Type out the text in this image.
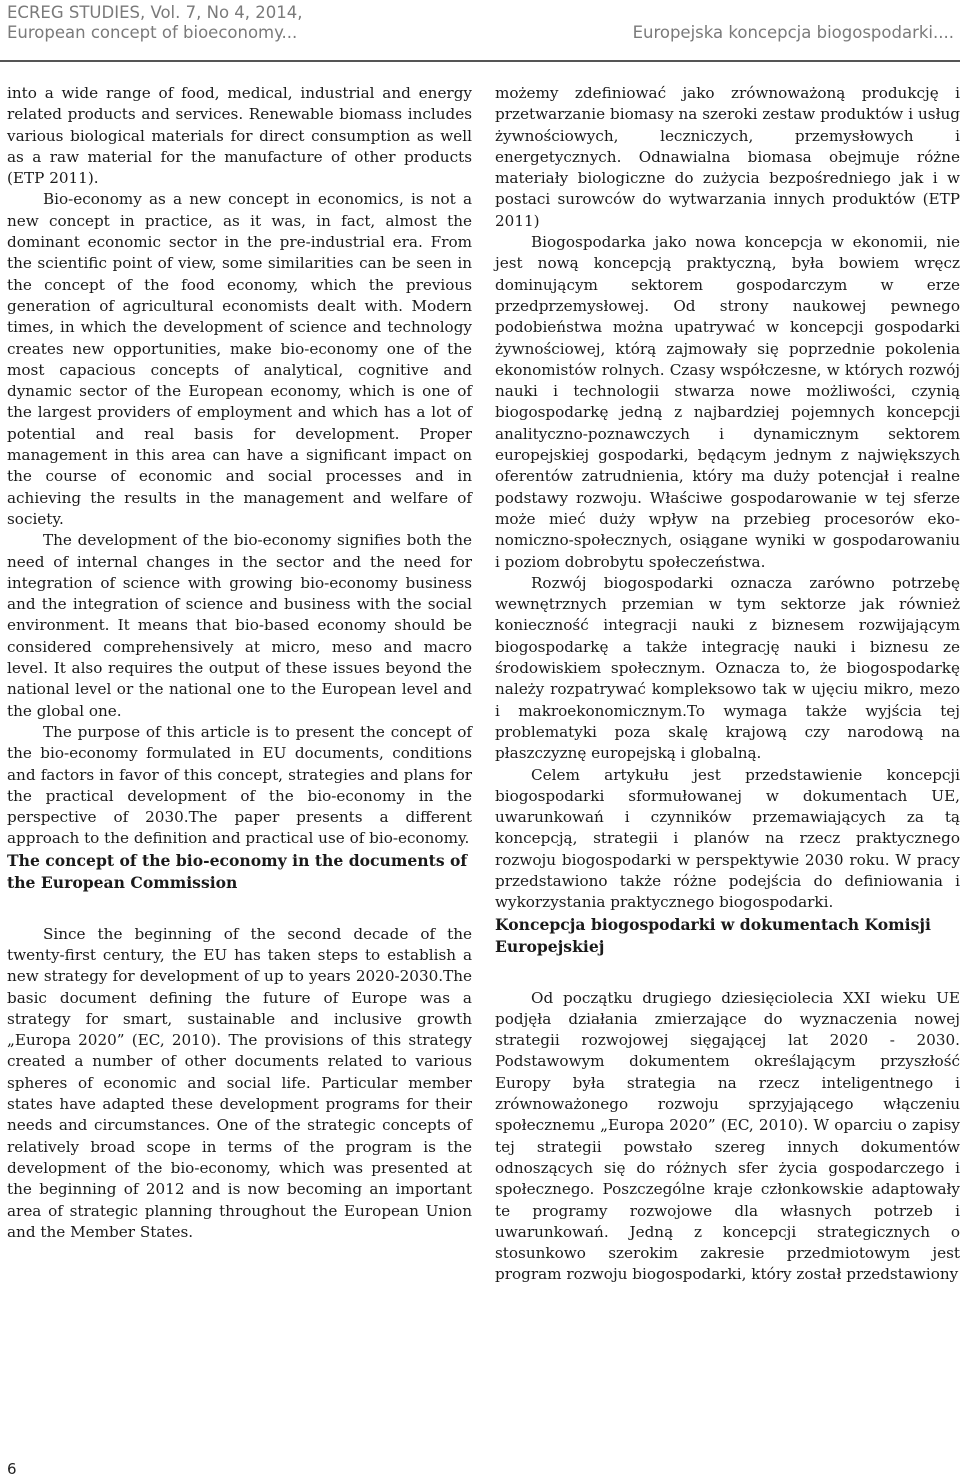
ECREG STUDIES, Vol. 7, No 4, 2014,
European concept of bioeconomy...	Europejska koncepcja biogospodarki....

into a wide range of food, medical, industrial and energy related products and services. Renewable biomass includes various biological materials for direct consumption as well as a raw material for the manufacture of other products (ETP 2011).

Bio-economy as a new concept in economics, is not a new concept in practice, as it was, in fact, almost the dominant economic sector in the pre-industrial era. From the scientific point of view, some similarities can be seen in the concept of the food economy, which the previous generation of agricultural economists dealt with. Modern times, in which the development of science and technology creates new opportunities, make bio-economy one of the most capacious concepts of analytical, cognitive and dynamic sector of the European economy, which is one of the largest providers of employment and which has a lot of potential and real basis for development. Proper management in this area can have a significant impact on the course of economic and social processes and in achieving the results in the management and welfare of society.

The development of the bio-economy signifies both the need of internal changes in the sector and the need for integration of science with growing bio-economy business and the integration of science and business with the social environment. It means that bio-based economy should be considered comprehensively at micro, meso and macro level. It also requires the output of these issues beyond the national level or the national one to the European level and the global one.

The purpose of this article is to present the concept of the bio-economy formulated in EU documents, conditions and factors in favor of this concept, strategies and plans for the practical development of the bio-economy in the perspective of 2030.The paper presents a different approach to the definition and practical use of bio-economy.

The concept of the bio-economy in the documents of the European Commission

Since the beginning of the second decade of the twenty-first century, the EU has taken steps to establish a new strategy for development of up to years 2020-2030.The basic document defining the future of Europe was a strategy for smart, sustainable and inclusive growth „Europa 2020” (EC, 2010). The provisions of this strategy created a number of other documents related to various spheres of economic and social life. Particular member states have adapted these development programs for their needs and circumstances. One of the strategic concepts of relatively broad scope in terms of the program is the development of the bio-economy, which was presented at the beginning of 2012 and is now becoming an important area of strategic planning throughout the European Union and the Member States.

możemy zdefiniować jako zrównoważoną produkcję i przetwarzanie biomasy na szeroki zestaw produktów i usług żywnościowych, leczniczych, przemysłowych i energetycznych. Odnawialna biomasa obejmuje różne materiały biologiczne do zużycia bezpośredniego jak i w postaci surowców do wytwarzania innych produktów (ETP 2011)

Biogospodarka jako nowa koncepcja w ekonomii, nie jest nową koncepcją praktyczną, była bowiem wręcz dominującym sektorem gospodarczym w erze przedprzemysłowej. Od strony naukowej pewnego podobieństwa można upatrywać w koncepcji gospodarki żywnościowej, którą zajmowały się poprzednie pokolenia ekonomistów rolnych. Czasy współczesne, w których rozwój nauki i technologii stwarza nowe możliwości, czynią biogospodarkę jedną z najbardziej pojemnych koncepcji analityczno-poznawczych i dynamicznym sektorem europejskiej gospodarki, będącym jednym z największych oferentów zatrudnienia, który ma duży potencjał i realne podstawy rozwoju. Właściwe gospodarowanie w tej sferze może mieć duży wpływ na przebieg procesorów ekonomiczno-społecznych, osiągane wyniki w gospodarowaniu i poziom dobrobytu społeczeństwa.

Rozwój biogospodarki oznacza zarówno potrzebę wewnętrznych przemian w tym sektorze jak również konieczność integracji nauki z biznesem rozwijającym biogospodarkę a także integrację nauki i biznesu ze środowiskiem społecznym. Oznacza to, że biogospodarkę należy rozpatrywać kompleksowo tak w ujęciu mikro, mezo i makroekonomicznym.To wymaga także wyjścia tej problematyki poza skalę krajową czy narodową na płaszczyznę europejską i globalną.

Celem artykułu jest przedstawienie koncepcji biogospodarki sformułowanej w dokumentach UE, uwarunkowań i czynników przemawiających za tą koncepcją, strategii i planów na rzecz praktycznego rozwoju biogospodarki w perspektywie 2030 roku. W pracy przedstawiono także różne podejścia do definiowania i wykorzystania praktycznego biogospodarki.

Koncepcja biogospodarki w dokumentach Komisji Europejskiej

Od początku drugiego dziesięciolecia XXI wieku UE podjęła działania zmierzające do wyznaczenia nowej strategii rozwojowej sięgającej lat 2020 - 2030. Podstawowym dokumentem określającym przyszłość Europy była strategia na rzecz inteligentnego i zrównoważonego rozwoju sprzyjającego włączeniu społecznemu „Europa 2020” (EC, 2010). W oparciu o zapisy tej strategii powstało szereg innych dokumentów odnoszących się do różnych sfer życia gospodarczego i społecznego. Poszczególne kraje członkowskie adaptowały te programy rozwojowe dla własnych potrzeb i uwarunkowań. Jedną z koncepcji strategicznych o stosunkowo szerokim zakresie przedmiotowym jest program rozwoju biogospodarki, który został przedstawiony

6
